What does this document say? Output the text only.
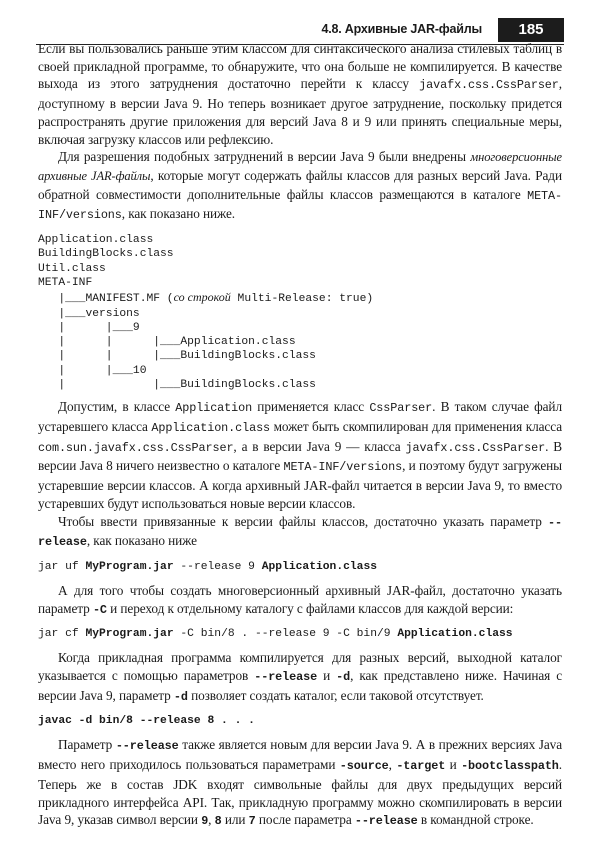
4.8. Архивные JAR-файлы	185

Если вы пользовались раньше этим классом для синтаксического анализа стилевых таблиц в своей прикладной программе, то обнаружите, что она больше не компилируется. В качестве выхода из этого затруднения достаточно перейти к классу javafx.css.CssParser, доступному в версии Java 9. Но теперь возникает другое затруднение, поскольку придется распространять другие приложения для версий Java 8 и 9 или принять специальные меры, включая загрузку классов или рефлексию.

Для разрешения подобных затруднений в версии Java 9 были внедрены многоверсионные архивные JAR-файлы, которые могут содержать файлы классов для разных версий Java. Ради обратной совместимости дополнительные файлы классов размещаются в каталоге META-INF/versions, как показано ниже.

Application.class
BuildingBlocks.class
Util.class
META-INF
|___MANIFEST.MF (со строкой Multi-Release: true)
|___versions
|      |___9
|      |      |___Application.class
|      |      |___BuildingBlocks.class
|      |___10
|             |___BuildingBlocks.class

Допустим, в классе Application применяется класс CssParser. В таком случае файл устаревшего класса Application.class может быть скомпилирован для применения класса com.sun.javafx.css.CssParser, а в версии Java 9 — класса javafx.css.CssParser. В версии Java 8 ничего неизвестно о каталоге META-INF/versions, и поэтому будут загружены устаревшие версии классов. А когда архивный JAR-файл читается в версии Java 9, то вместо устаревших будут использоваться новые версии классов.

Чтобы ввести привязанные к версии файлы классов, достаточно указать параметр --release, как показано ниже

jar uf MyProgram.jar --release 9 Application.class

А для того чтобы создать многоверсионный архивный JAR-файл, достаточно указать параметр -C и переход к отдельному каталогу с файлами классов для каждой версии:

jar cf MyProgram.jar -C bin/8 . --release 9 -C bin/9 Application.class

Когда прикладная программа компилируется для разных версий, выходной каталог указывается с помощью параметров --release и -d, как представлено ниже. Начиная с версии Java 9, параметр -d позволяет создать каталог, если таковой отсутствует.

javac -d bin/8 --release 8 . . .

Параметр --release также является новым для версии Java 9. А в прежних версиях Java вместо него приходилось пользоваться параметрами -source, -target и -bootclasspath. Теперь же в состав JDK входят символьные файлы для двух предыдущих версий прикладного интерфейса API. Так, прикладную программу можно скомпилировать в версии Java 9, указав символ версии 9, 8 или 7 после параметра --release в командной строке.
